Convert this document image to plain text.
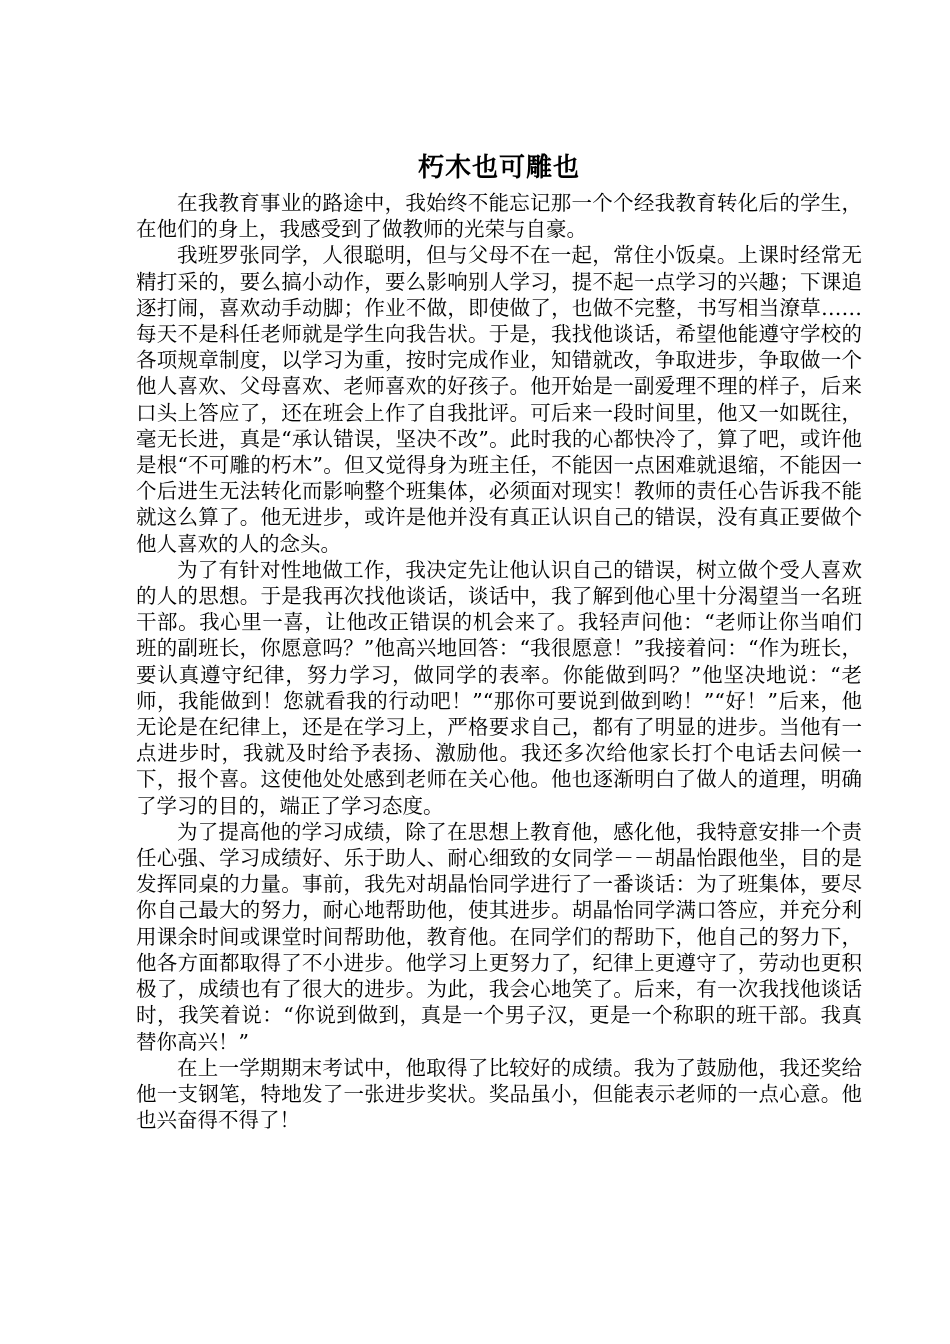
朽木也可雕也

在我教育事业的路途中，我始终不能忘记那一个个经我教育转化后的学生，在他们的身上，我感受到了做教师的光荣与自豪。

我班罗张同学，人很聪明，但与父母不在一起，常住小饭桌。上课时经常无精打采的，要么搞小动作，要么影响别人学习，提不起一点学习的兴趣；下课追逐打闹，喜欢动手动脚；作业不做，即使做了，也做不完整，书写相当潦草……每天不是科任老师就是学生向我告状。于是，我找他谈话，希望他能遵守学校的各项规章制度，以学习为重，按时完成作业，知错就改，争取进步，争取做一个他人喜欢、父母喜欢、老师喜欢的好孩子。他开始是一副爱理不理的样子，后来口头上答应了，还在班会上作了自我批评。可后来一段时间里，他又一如既往，毫无长进，真是“承认错误，坚决不改”。此时我的心都快冷了，算了吧，或许他是根“不可雕的朽木”。但又觉得身为班主任，不能因一点困难就退缩，不能因一个后进生无法转化而影响整个班集体，必须面对现实！教师的责任心告诉我不能就这么算了。他无进步，或许是他并没有真正认识自己的错误，没有真正要做个他人喜欢的人的念头。

为了有针对性地做工作，我决定先让他认识自己的错误，树立做个受人喜欢的人的思想。于是我再次找他谈话，谈话中，我了解到他心里十分渴望当一名班干部。我心里一喜，让他改正错误的机会来了。我轻声问他：“老师让你当咱们班的副班长，你愿意吗？”他高兴地回答：“我很愿意！”我接着问：“作为班长，要认真遵守纪律，努力学习，做同学的表率。你能做到吗？”他坚决地说：“老师，我能做到！您就看我的行动吧！”“那你可要说到做到哟！”“好！”后来，他无论是在纪律上，还是在学习上，严格要求自己，都有了明显的进步。当他有一点进步时，我就及时给予表扬、激励他。我还多次给他家长打个电话去问候一下，报个喜。这使他处处感到老师在关心他。他也逐渐明白了做人的道理，明确了学习的目的，端正了学习态度。

为了提高他的学习成绩，除了在思想上教育他，感化他，我特意安排一个责任心强、学习成绩好、乐于助人、耐心细致的女同学－－胡晶怡跟他坐，目的是发挥同桌的力量。事前，我先对胡晶怡同学进行了一番谈话：为了班集体，要尽你自己最大的努力，耐心地帮助他，使其进步。胡晶怡同学满口答应，并充分利用课余时间或课堂时间帮助他，教育他。在同学们的帮助下，他自己的努力下，他各方面都取得了不小进步。他学习上更努力了，纪律上更遵守了，劳动也更积极了，成绩也有了很大的进步。为此，我会心地笑了。后来，有一次我找他谈话时，我笑着说：“你说到做到，真是一个男子汉，更是一个称职的班干部。我真替你高兴！”

在上一学期期末考试中，他取得了比较好的成绩。我为了鼓励他，我还奖给他一支钢笔，特地发了一张进步奖状。奖品虽小，但能表示老师的一点心意。他也兴奋得不得了！
